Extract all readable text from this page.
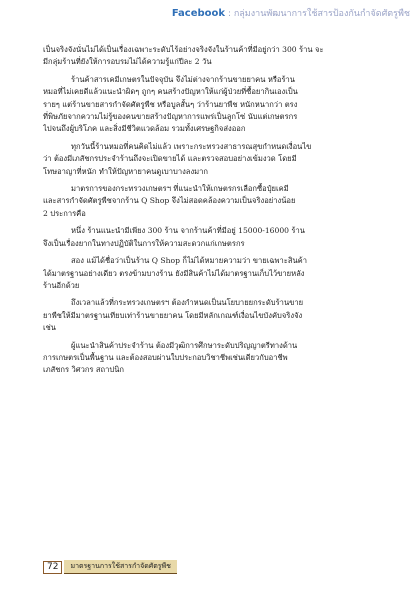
Facebook : กลุ่มงานพัฒนาการใช้สารป้องกันกำจัดศัตรูพืช
เป็นจริงจังนั่นไม่ได้เป็นเรื่องเฉพาะระดับไร้อย่างจริงจังในร้านค้าที่มีอยู่กว่า 300 ร้าน จะ
มีกลุ่มร้านที่ยังให้การอบรมไม่ได้ความรู้แก่ปีละ 2 วัน
ร้านค้าสารเคมีเกษตรในปัจจุบัน จึงไม่ต่างจากร้านขายยาคน หรือร้าน
หมอที่ไม่เคยดีแล้วแนะนำผิดๆ ถูกๆ คนสร้างปัญหาให้แก่ผู้ป่วยที่ซื้อยากินเองเป็น
รายๆ แต่ร้านขายสารกำจัดศัตรูพืช หรือบูลสั้นๆ ว่าร้านยาพืช หนักหนากว่า ตรง
ที่พิษภัยจากความไม่รู้ของคนขายสร้างปัญหาการแพร่เป็นลูกโซ่ นับแต่เกษตรกร
ไปจนถึงผู้บริโภค และสิ่งมีชีวิตแวดล้อม รวมทั้งเศรษฐกิจส่งออก
ทุกวันนี้ร้านหมอที่คนคิดไม่แล้ว เพราะกระทรวงสาธารณสุขกำหนดเงื่อนไข
ว่า ต้องมีเภสัชกรประจำร้านถึงจะเปิดขายได้ และตรวจสอบอย่างเข้มงวด โดยมี
โทษอาญาที่หนัก ทำให้ปัญหายาคนดูเบาบางลงมาก
มาตรการของกระทรวงเกษตรฯ ที่แนะนำให้เกษตรกรเลือกซื้อปุ๋ยเคมี
และสารกำจัดศัตรูพืชจากร้าน Q Shop จึงไม่สอดคล้องความเป็นจริงอย่างน้อย
2 ประการคือ
หนึ่ง ร้านแนะนำมีเพียง 300 ร้าน จากร้านค้าที่มีอยู่ 15000-16000 ร้าน
จึงเป็นเรื่องยากในทางปฏิบัติในการให้ความสะดวกแก่เกษตรกร
สอง แม้ได้ชื่อว่าเป็นร้าน Q Shop ก็ไม่ได้หมายความว่า ขายเฉพาะสินค้า
ได้มาตรฐานอย่างเดียว ตรงข้ามบางร้าน ยังมีสินค้าไม่ได้มาตรฐานเก็บไว้ขายหลัง
ร้านอีกด้วย
ถึงเวลาแล้วที่กระทรวงเกษตรฯ ต้องกำหนดเป็นนโยบายยกระดับร้านขาย
ยาพืชให้มีมาตรฐานเทียบเท่าร้านขายยาคน โดยมีหลักเกณฑ์เงื่อนไขบังคับจริงจัง
เช่น
ผู้แนะนำสินค้าประจำร้าน ต้องมีวุฒิการศึกษาระดับปริญญาตรีทางด้าน
การเกษตรเป็นพื้นฐาน และต้องสอบผ่านใบประกอบวิชาชีพเช่นเดียวกับอาชีพ
เภสัชกร วิศวกร สถาปนิก
72	มาตรฐานการใช้สารกำจัดศัตรูพืช
